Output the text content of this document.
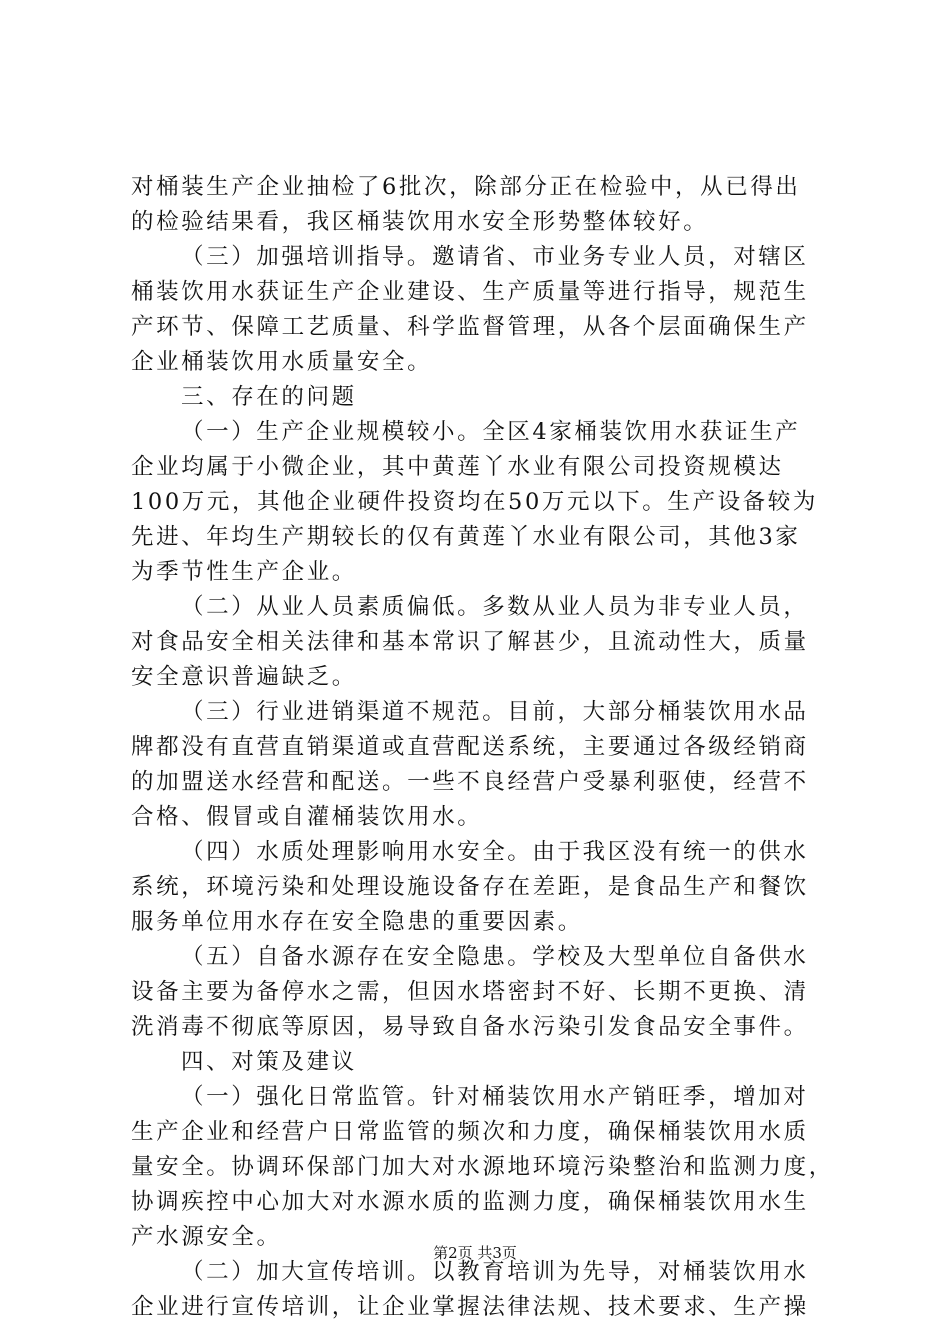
对桶装生产企业抽检了6批次，除部分正在检验中，从已得出
的检验结果看，我区桶装饮用水安全形势整体较好。
（三）加强培训指导。邀请省、市业务专业人员，对辖区
桶装饮用水获证生产企业建设、生产质量等进行指导，规范生
产环节、保障工艺质量、科学监督管理，从各个层面确保生产
企业桶装饮用水质量安全。
三、存在的问题
（一）生产企业规模较小。全区4家桶装饮用水获证生产
企业均属于小微企业，其中黄莲丫水业有限公司投资规模达
100万元，其他企业硬件投资均在50万元以下。生产设备较为
先进、年均生产期较长的仅有黄莲丫水业有限公司，其他3家
为季节性生产企业。
（二）从业人员素质偏低。多数从业人员为非专业人员，
对食品安全相关法律和基本常识了解甚少，且流动性大，质量
安全意识普遍缺乏。
（三）行业进销渠道不规范。目前，大部分桶装饮用水品
牌都没有直营直销渠道或直营配送系统，主要通过各级经销商
的加盟送水经营和配送。一些不良经营户受暴利驱使，经营不
合格、假冒或自灌桶装饮用水。
（四）水质处理影响用水安全。由于我区没有统一的供水
系统，环境污染和处理设施设备存在差距，是食品生产和餐饮
服务单位用水存在安全隐患的重要因素。
（五）自备水源存在安全隐患。学校及大型单位自备供水
设备主要为备停水之需，但因水塔密封不好、长期不更换、清
洗消毒不彻底等原因，易导致自备水污染引发食品安全事件。
四、对策及建议
（一）强化日常监管。针对桶装饮用水产销旺季，增加对
生产企业和经营户日常监管的频次和力度，确保桶装饮用水质
量安全。协调环保部门加大对水源地环境污染整治和监测力度，
协调疾控中心加大对水源水质的监测力度，确保桶装饮用水生
产水源安全。
（二）加大宣传培训。以教育培训为先导，对桶装饮用水
企业进行宣传培训，让企业掌握法律法规、技术要求、生产操
第2页 共3页
